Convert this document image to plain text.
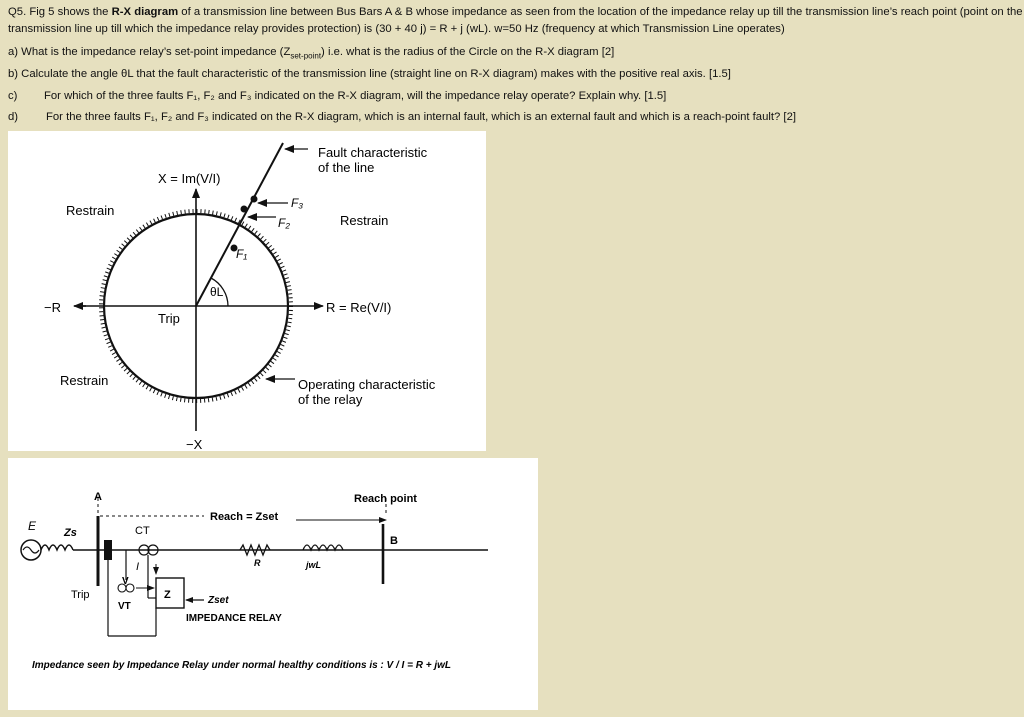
Q5. Fig 5 shows the R-X diagram of a transmission line between Bus Bars A & B whose impedance as seen from the location of the impedance relay up till the transmission line’s reach point (point on the
transmission line up till which the impedance relay provides protection) is (30 + 40 j) = R + j (wL). w=50 Hz (frequency at which Transmission Line operates)
a) What is the impedance relay’s set-point impedance $(Z_{set-point})$ i.e. what is the radius of the Circle on the R-X diagram [2]
b) Calculate the angle θL that the fault characteristic of the transmission line (straight line on R-X diagram) makes with the positive real axis. [1.5]
c) For which of the three faults F₁, F₂ and F₃ indicated on the R-X diagram, will the impedance relay operate? Explain why. [1.5]
d) For the three faults F₁, F₂ and F₃ indicated on the R-X diagram, which is an internal fault, which is an external fault and which is a reach-point fault? [2]
X = Im(V/I)
−X
R = Re(V/I)
−R
Restrain
Restrain
Restrain
Trip
θL
Fault characteristic
of the line
Operating characteristic
of the relay
F₁
F₂
F₃
A
B
E	Zs	CT
I
V
VT
Z	Zset
Trip
R	jwL
Reach = Zset
Reach point
IMPEDANCE RELAY
Impedance seen by Impedance Relay under normal healthy conditions is : V / I = R + jwL
